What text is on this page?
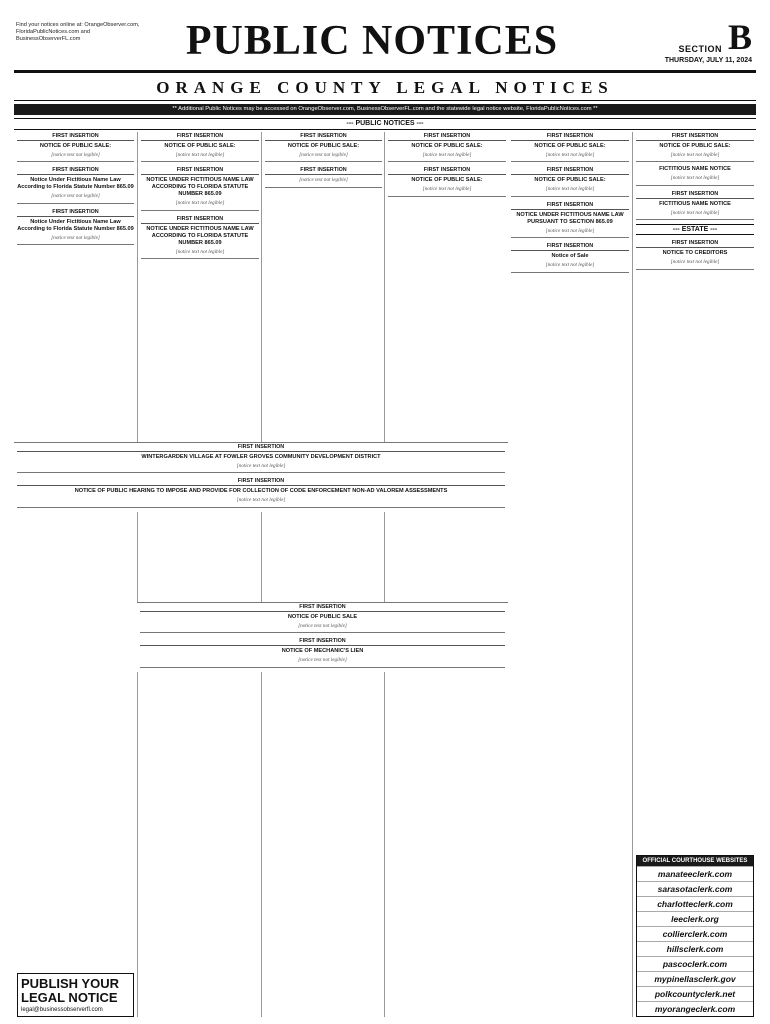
Find your notices online at: OrangeObserver.com,
FloridaPublicNotices.com and
BusinessObserverFL.com	PUBLIC NOTICES	SECTION B
THURSDAY, JULY 11, 2024
ORANGE COUNTY LEGAL NOTICES
** Additional Public Notices may be accessed on OrangeObserver.com, BusinessObserverFL.com and the statewide legal notice website, FloridaPublicNotices.com **
--- PUBLIC NOTICES ---
FIRST INSERTION
NOTICE OF PUBLIC SALE:
[notice text not legible]
FIRST INSERTION
Notice Under Fictitious Name Law According to Florida Statute Number 865.09
[notice text not legible]
FIRST INSERTION
Notice Under Fictitious Name Law According to Florida Statute Number 865.09
[notice text not legible]
FIRST INSERTION
NOTICE OF PUBLIC SALE:
[notice text not legible]
FIRST INSERTION
NOTICE UNDER FICTITIOUS NAME LAW ACCORDING TO FLORIDA STATUTE NUMBER 865.09
[notice text not legible]
FIRST INSERTION
NOTICE UNDER FICTITIOUS NAME LAW ACCORDING TO FLORIDA STATUTE NUMBER 865.09
[notice text not legible]
FIRST INSERTION
NOTICE OF PUBLIC SALE:
[notice text not legible]
FIRST INSERTION
[notice text not legible]
FIRST INSERTION
NOTICE OF PUBLIC SALE:
[notice text not legible]
FIRST INSERTION
NOTICE OF PUBLIC SALE:
[notice text not legible]
FIRST INSERTION
WINTERGARDEN VILLAGE AT FOWLER GROVES COMMUNITY DEVELOPMENT DISTRICT
[notice text not legible]
FIRST INSERTION
NOTICE OF PUBLIC HEARING TO IMPOSE AND PROVIDE FOR COLLECTION OF CODE ENFORCEMENT NON-AD VALOREM ASSESSMENTS
[notice text not legible]
FIRST INSERTION
NOTICE OF PUBLIC SALE
[notice text not legible]
FIRST INSERTION
NOTICE OF MECHANIC'S LIEN
[notice text not legible]
PUBLISH YOUR
LEGAL NOTICE
legal@businessobserverfl.com
FIRST INSERTION
NOTICE OF PUBLIC SALE:
[notice text not legible]
FIRST INSERTION
NOTICE OF PUBLIC SALE:
[notice text not legible]
FIRST INSERTION
NOTICE UNDER FICTITIOUS NAME LAW PURSUANT TO SECTION 865.09
[notice text not legible]
FIRST INSERTION
Notice of Sale
[notice text not legible]
FIRST INSERTION
NOTICE OF PUBLIC SALE:
[notice text not legible]
FICTITIOUS NAME NOTICE
[notice text not legible]
FIRST INSERTION
FICTITIOUS NAME NOTICE
[notice text not legible]
--- ESTATE ---
FIRST INSERTION
NOTICE TO CREDITORS
[notice text not legible]
OFFICIAL COURTHOUSE WEBSITES
manateeclerk.com
sarasotaclerk.com
charlotteclerk.com
leeclerk.org
collierclerk.com
hillsclerk.com
pascoclerk.com
mypinellasclerk.gov
polkcountyclerk.net
myorangeclerk.com
